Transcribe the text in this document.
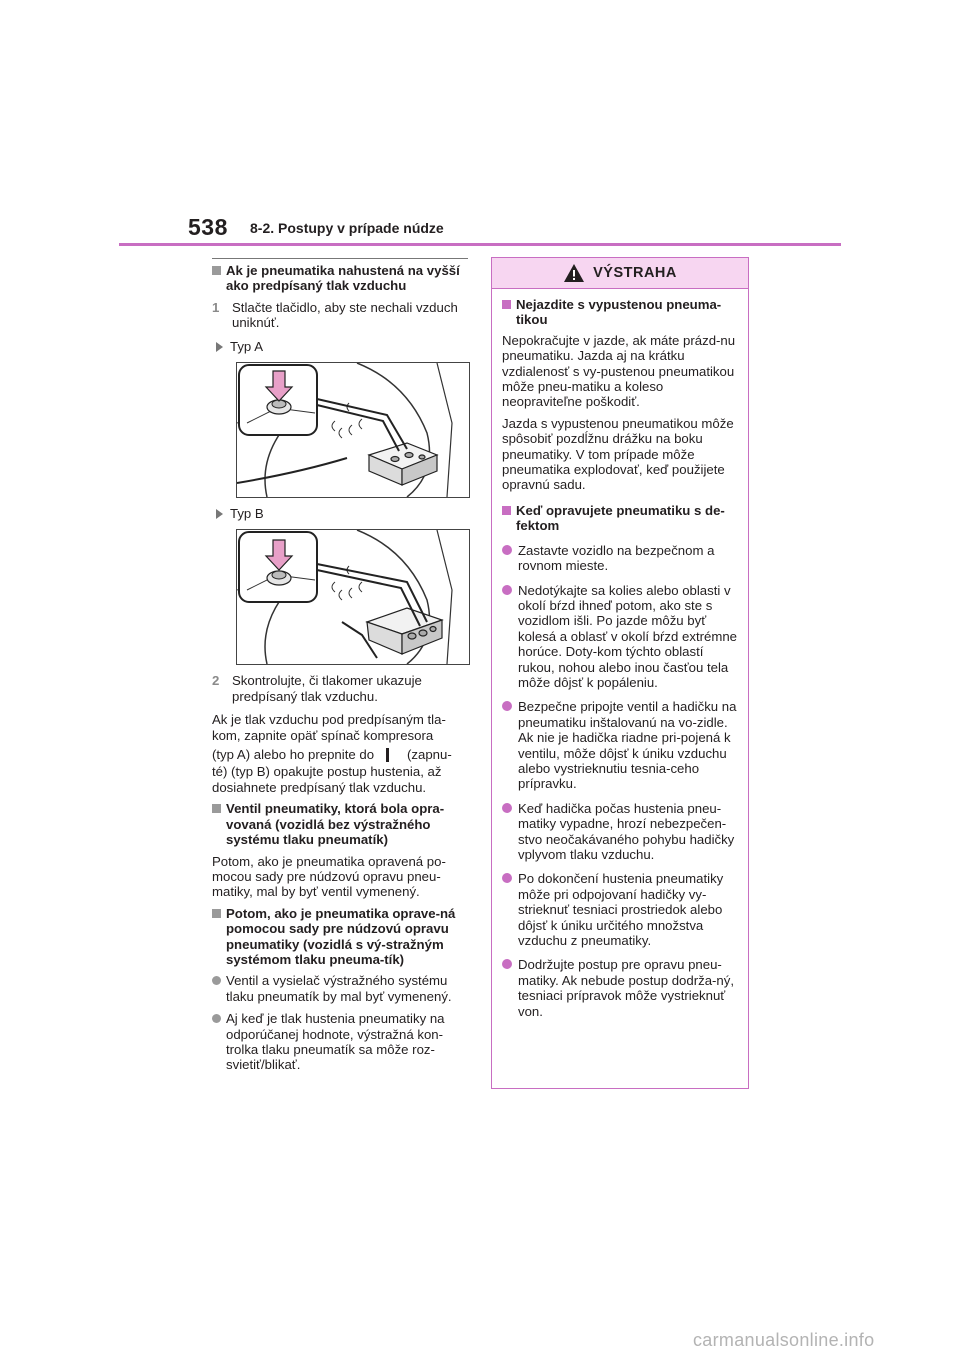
538 8-2. Postupy v prípade núdze
Ak je pneumatika nahustená na vyšší ako predpísaný tlak vzduchu
1 Stlačte tlačidlo, aby ste nechali vzduch uniknúť.
Typ A
Typ B
2 Skontrolujte, či tlakomer ukazuje predpísaný tlak vzduchu.
Ak je tlak vzduchu pod predpísaným tla-kom, zapnite opäť spínač kompresora
(typ A) alebo ho prepnite do	(zapnu-
té) (typ B) opakujte postup hustenia, až dosiahnete predpísaný tlak vzduchu.
Ventil pneumatiky, ktorá bola opra-vovaná (vozidlá bez výstražného systému tlaku pneumatík)
Potom, ako je pneumatika opravená po-mocou sady pre núdzovú opravu pneu-matiky, mal by byť ventil vymenený.
Potom, ako je pneumatika oprave-ná pomocou sady pre núdzovú opravu pneumatiky (vozidlá s vý-stražným systémom tlaku pneuma-tík)
Ventil a vysielač výstražného systému tlaku pneumatík by mal byť vymenený.
Aj keď je tlak hustenia pneumatiky na odporúčanej hodnote, výstražná kon-trolka tlaku pneumatík sa môže roz-svietiť/blikať.
VÝSTRAHA
Nejazdite s vypustenou pneuma-tikou
Nepokračujte v jazde, ak máte prázd-nu pneumatiku. Jazda aj na krátku vzdialenosť s vy-pustenou pneumatikou môže pneu-matiku a koleso neopraviteľne poškodiť.
Jazda s vypustenou pneumatikou môže spôsobiť pozdĺžnu drážku na boku pneumatiky. V tom prípade môže pneumatika explodovať, keď použijete opravnú sadu.
Keď opravujete pneumatiku s de-fektom
Zastavte vozidlo na bezpečnom a rovnom mieste.
Nedotýkajte sa kolies alebo oblasti v okolí bŕzd ihneď potom, ako ste s vozidlom išli. Po jazde môžu byť kolesá a oblasť v okolí bŕzd extrémne horúce. Doty-kom týchto oblastí rukou, nohou alebo inou časťou tela môže dôjsť k popáleniu.
Bezpečne pripojte ventil a hadičku na pneumatiku inštalovanú na vo-zidle. Ak nie je hadička riadne pri-pojená k ventilu, môže dôjsť k úniku vzduchu alebo vystrieknutiu tesnia-ceho prípravku.
Keď hadička počas hustenia pneu-matiky vypadne, hrozí nebezpečen-stvo neočakávaného pohybu hadičky vplyvom tlaku vzduchu.
Po dokončení hustenia pneumatiky môže pri odpojovaní hadičky vy-strieknuť tesniaci prostriedok alebo dôjsť k úniku určitého množstva vzduchu z pneumatiky.
Dodržujte postup pre opravu pneu-matiky. Ak nebude postup dodrža-ný, tesniaci prípravok môže vystriekn​uť von.
carmanualsonline.info
